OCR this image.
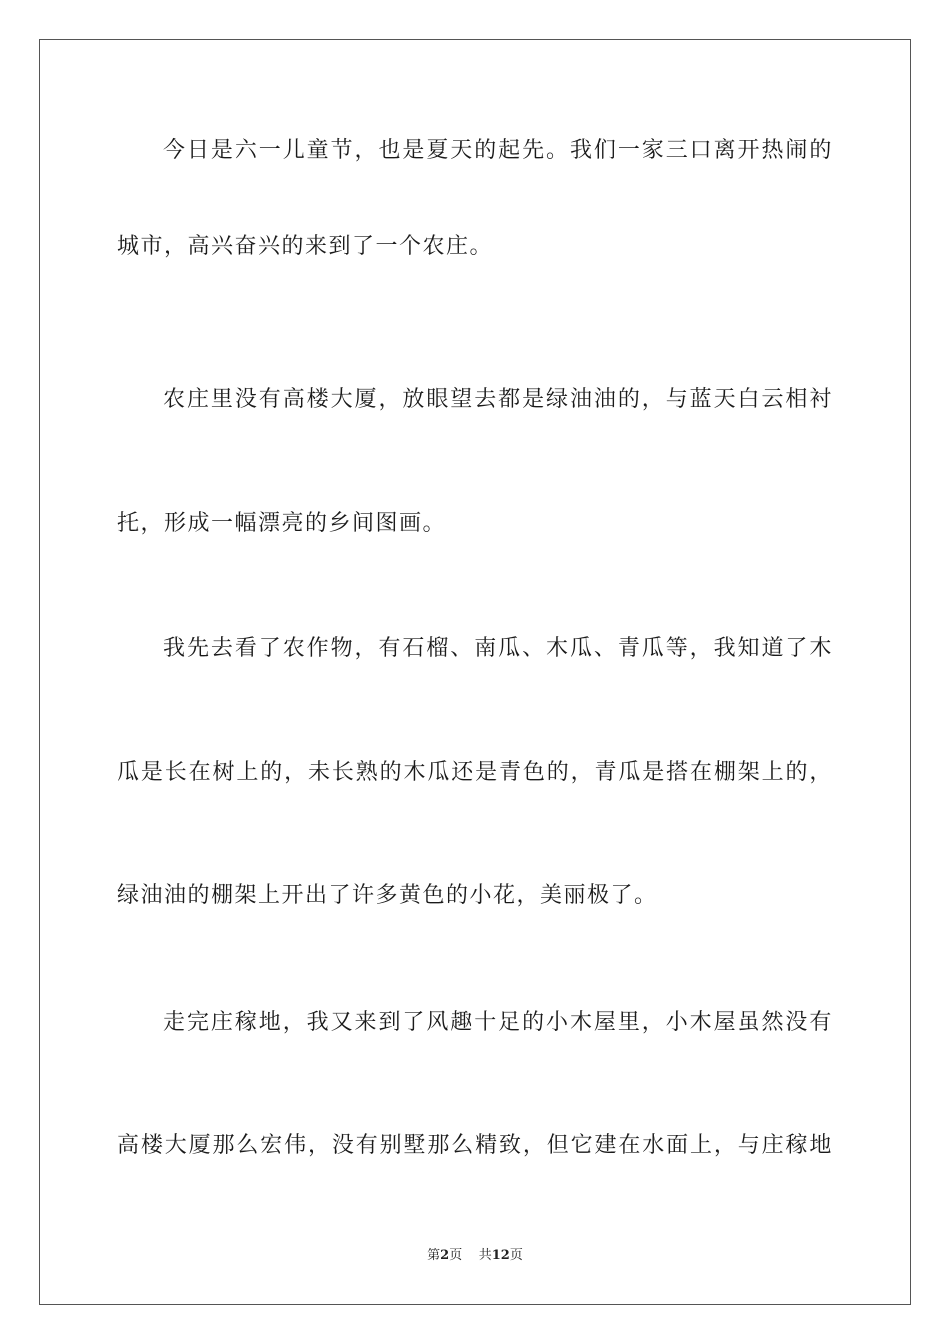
今 日 是 六 一 儿 童 节 ， 也 是 夏 天 的 起 先 。 我 们 一 家 三 口 离 开 热 闹 的
城市，高兴奋兴的来到了一个农庄。
农 庄 里 没 有 高 楼 大 厦 ， 放 眼 望 去 都 是 绿 油 油 的 ， 与 蓝 天 白 云 相 衬
托，形成一幅漂亮的乡间图画。
我 先 去 看 了 农 作 物 ， 有 石 榴 、 南 瓜 、 木 瓜 、 青 瓜 等 ， 我 知 道 了 木
瓜 是 长 在 树 上 的 ， 未 长 熟 的 木 瓜 还 是 青 色 的 ， 青 瓜 是 搭 在 棚 架 上 的 ，
绿油油的棚架上开出了许多黄色的小花，美丽极了。
走 完 庄 稼 地 ， 我 又 来 到 了 风 趣 十 足 的 小 木 屋 里 ， 小 木 屋 虽 然 没 有
高 楼 大 厦 那 么 宏 伟 ， 没 有 别 墅 那 么 精 致 ， 但 它 建 在 水 面 上 ， 与 庄 稼 地
第2页 共12页
